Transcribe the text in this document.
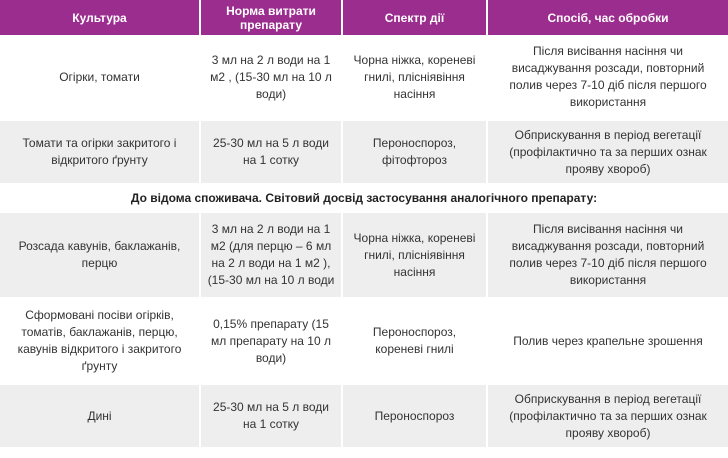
Культура	Норма витрати препарату	Спектр дії	Спосіб, час обробки
Огірки, томати	3 мл на 2 л води на 1 м2 , (15-30 мл на 10 л води)	Чорна ніжка, кореневі гнилі, плісніявіння насіння	Після висівання насіння чи висаджування розсади, повторний полив через 7-10 діб після першого використання
Томати та огірки закритого і відкритого ґрунту	25-30 мл на 5 л води на 1 сотку	Пероноспороз, фітофтороз	Обприскування в період вегетації (профілактично та за перших ознак прояву хвороб)
До відома споживача. Світовий досвід застосування аналогічного препарату:			
Розсада кавунів, баклажанів, перцю	3 мл на 2 л води на 1 м2 (для перцю – 6 мл на 2 л води на 1 м2 ), (15-30 мл на 10 л води	Чорна ніжка, кореневі гнилі, плісніявіння насіння	Після висівання насіння чи висаджування розсади, повторний полив через 7-10 діб після першого використання
Сформовані посіви огірків, томатів, баклажанів, перцю, кавунів відкритого і закритого ґрунту	0,15% препарату (15 мл препарату на 10 л води)	Пероноспороз, кореневі гнилі	Полив через крапельне зрошення
Дині	25-30 мл на 5 л води на 1 сотку	Пероноспороз	Обприскування в період вегетації (профілактично та за перших ознак прояву хвороб)
